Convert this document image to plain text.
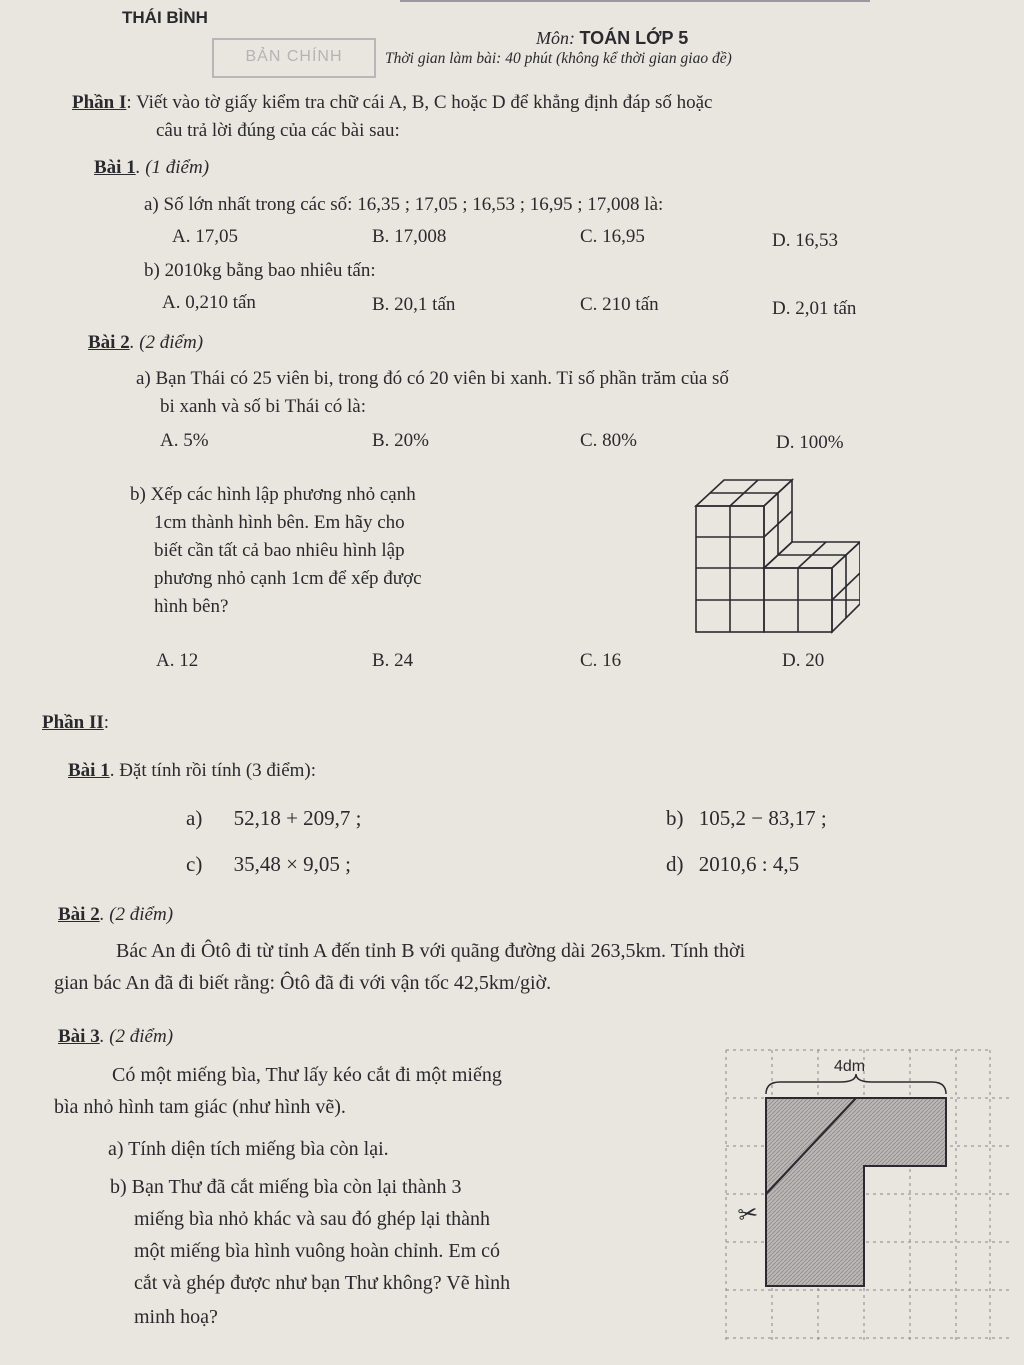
THÁI BÌNH
Môn: TOÁN LỚP 5
BẢN CHÍNH	Thời gian làm bài: 40 phút (không kể thời gian giao đề)
Phần I: Viết vào tờ giấy kiểm tra chữ cái A, B, C hoặc D để khẳng định đáp số hoặc
câu trả lời đúng của các bài sau:
Bài 1. (1 điểm)
a) Số lớn nhất trong các số: 16,35 ; 17,05 ; 16,53 ; 16,95 ; 17,008 là:
A. 17,05	B. 17,008	C. 16,95	D. 16,53
b) 2010kg bằng bao nhiêu tấn:
A. 0,210 tấn	B. 20,1 tấn	C. 210 tấn	D. 2,01 tấn
Bài 2. (2 điểm)
a) Bạn Thái có 25 viên bi, trong đó có 20 viên bi xanh. Tỉ số phần trăm của số
bi xanh và số bi Thái có là:
A. 5%	B. 20%	C. 80%	D. 100%
b) Xếp các hình lập phương nhỏ cạnh
1cm thành hình bên. Em hãy cho
biết cần tất cả bao nhiêu hình lập
phương nhỏ cạnh 1cm để xếp được
hình bên?
A. 12	B. 24	C. 16	D. 20
Phần II:
Bài 1. Đặt tính rồi tính (3 điểm):
a) 52,18 + 209,7 ;	b) 105,2 − 83,17 ;
c) 35,48 × 9,05 ;	d) 2010,6 : 4,5
Bài 2. (2 điểm)
Bác An đi Ôtô đi từ tỉnh A đến tỉnh B với quãng đường dài 263,5km. Tính thời
gian bác An đã đi biết rằng: Ôtô đã đi với vận tốc 42,5km/giờ.
Bài 3. (2 điểm)
Có một miếng bìa, Thư lấy kéo cắt đi một miếng
bìa nhỏ hình tam giác (như hình vẽ).
a) Tính diện tích miếng bìa còn lại.
b) Bạn Thư đã cắt miếng bìa còn lại thành 3
miếng bìa nhỏ khác và sau đó ghép lại thành
một miếng bìa hình vuông hoàn chỉnh. Em có
cắt và ghép được như bạn Thư không? Vẽ hình
minh hoạ?
4dm
✂
